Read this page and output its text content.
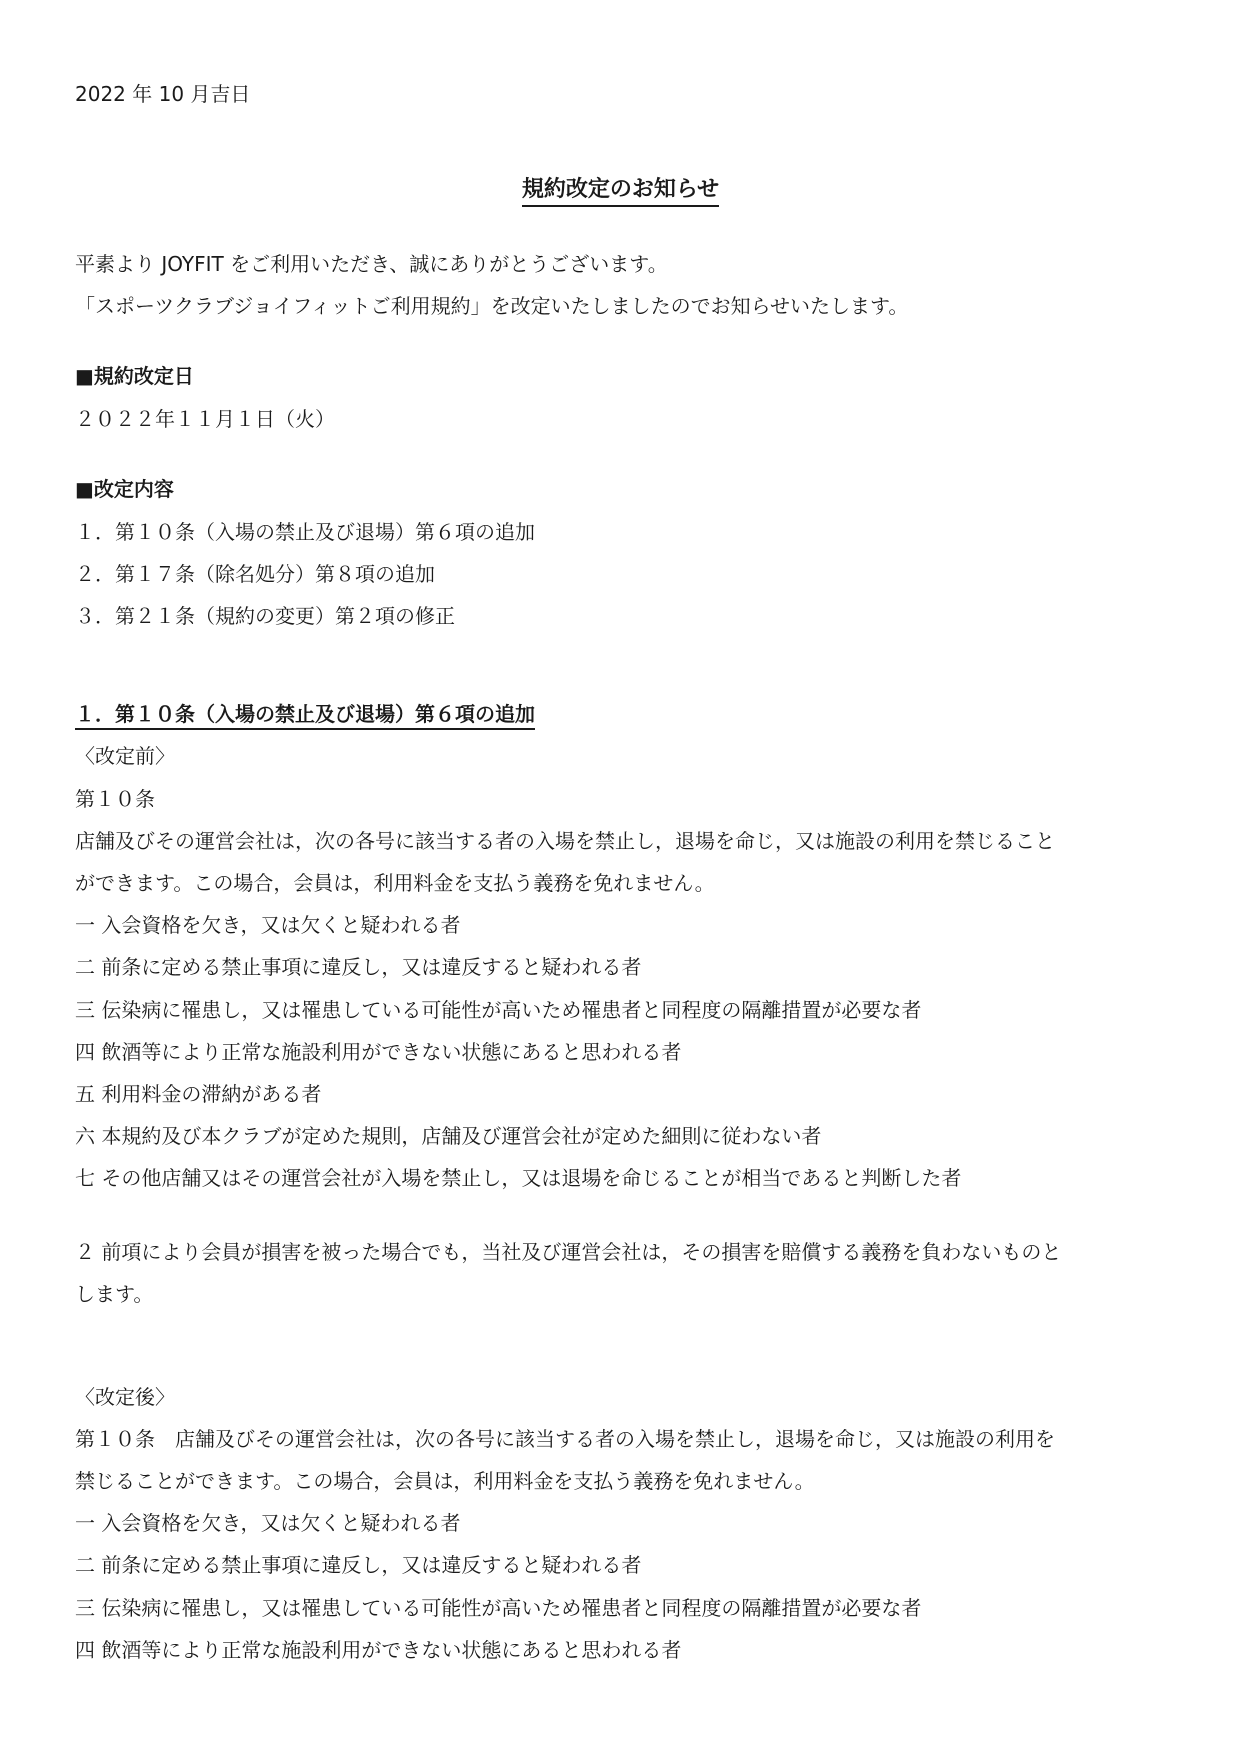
2022 年 10 月吉日
規約改定のお知らせ
平素より JOYFIT をご利用いただき、誠にありがとうございます。
「スポーツクラブジョイフィットご利用規約」を改定いたしましたのでお知らせいたします。
■規約改定日
２０２２年１１月１日（火）
■改定内容
１．第１０条（入場の禁止及び退場）第６項の追加
２．第１７条（除名処分）第８項の追加
３．第２１条（規約の変更）第２項の修正
１．第１０条（入場の禁止及び退場）第６項の追加
〈改定前〉
第１０条
店舗及びその運営会社は，次の各号に該当する者の入場を禁止し，退場を命じ，又は施設の利用を禁じること
ができます。この場合，会員は，利用料金を支払う義務を免れません。
一 入会資格を欠き，又は欠くと疑われる者
二 前条に定める禁止事項に違反し，又は違反すると疑われる者
三 伝染病に罹患し，又は罹患している可能性が高いため罹患者と同程度の隔離措置が必要な者
四 飲酒等により正常な施設利用ができない状態にあると思われる者
五 利用料金の滞納がある者
六 本規約及び本クラブが定めた規則，店舗及び運営会社が定めた細則に従わない者
七 その他店舗又はその運営会社が入場を禁止し，又は退場を命じることが相当であると判断した者
２ 前項により会員が損害を被った場合でも，当社及び運営会社は，その損害を賠償する義務を負わないものと
します。
〈改定後〉
第１０条　店舗及びその運営会社は，次の各号に該当する者の入場を禁止し，退場を命じ，又は施設の利用を
禁じることができます。この場合，会員は，利用料金を支払う義務を免れません。
一 入会資格を欠き，又は欠くと疑われる者
二 前条に定める禁止事項に違反し，又は違反すると疑われる者
三 伝染病に罹患し，又は罹患している可能性が高いため罹患者と同程度の隔離措置が必要な者
四 飲酒等により正常な施設利用ができない状態にあると思われる者
